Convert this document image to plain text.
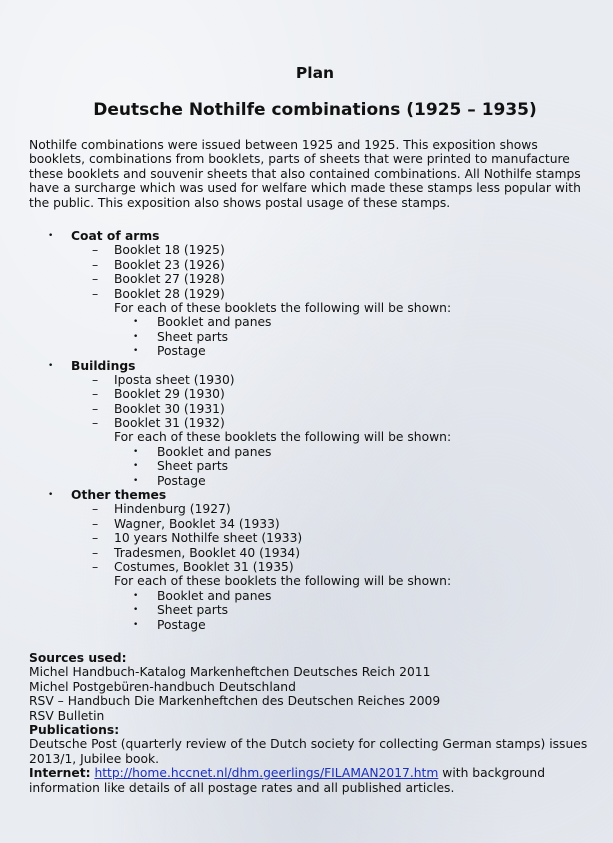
Plan
Deutsche Nothilfe combinations (1925 – 1935)

Nothilfe combinations were issued between 1925 and 1925. This exposition shows booklets, combinations from booklets, parts of sheets that were printed to manufacture these booklets and souvenir sheets that also contained combinations. All Nothilfe stamps have a surcharge which was used for welfare which made these stamps less popular with the public. This exposition also shows postal usage of these stamps.

• Coat of arms
– Booklet 18 (1925)
– Booklet 23 (1926)
– Booklet 27 (1928)
– Booklet 28 (1929)
For each of these booklets the following will be shown:
• Booklet and panes
• Sheet parts
• Postage
• Buildings
– Iposta sheet (1930)
– Booklet 29 (1930)
– Booklet 30 (1931)
– Booklet 31 (1932)
For each of these booklets the following will be shown:
• Booklet and panes
• Sheet parts
• Postage
• Other themes
– Hindenburg (1927)
– Wagner, Booklet 34 (1933)
– 10 years Nothilfe sheet (1933)
– Tradesmen, Booklet 40 (1934)
– Costumes, Booklet 31 (1935)
For each of these booklets the following will be shown:
• Booklet and panes
• Sheet parts
• Postage
Sources used:
Michel Handbuch-Katalog Markenheftchen Deutsches Reich 2011
Michel Postgebüren-handbuch Deutschland
RSV – Handbuch Die Markenheftchen des Deutschen Reiches 2009
RSV Bulletin
Publications:
Deutsche Post (quarterly review of the Dutch society for collecting German stamps) issues
2013/1, Jubilee book.
Internet: http://home.hccnet.nl/dhm.geerlings/FILAMAN2017.htm with background
information like details of all postage rates and all published articles.
